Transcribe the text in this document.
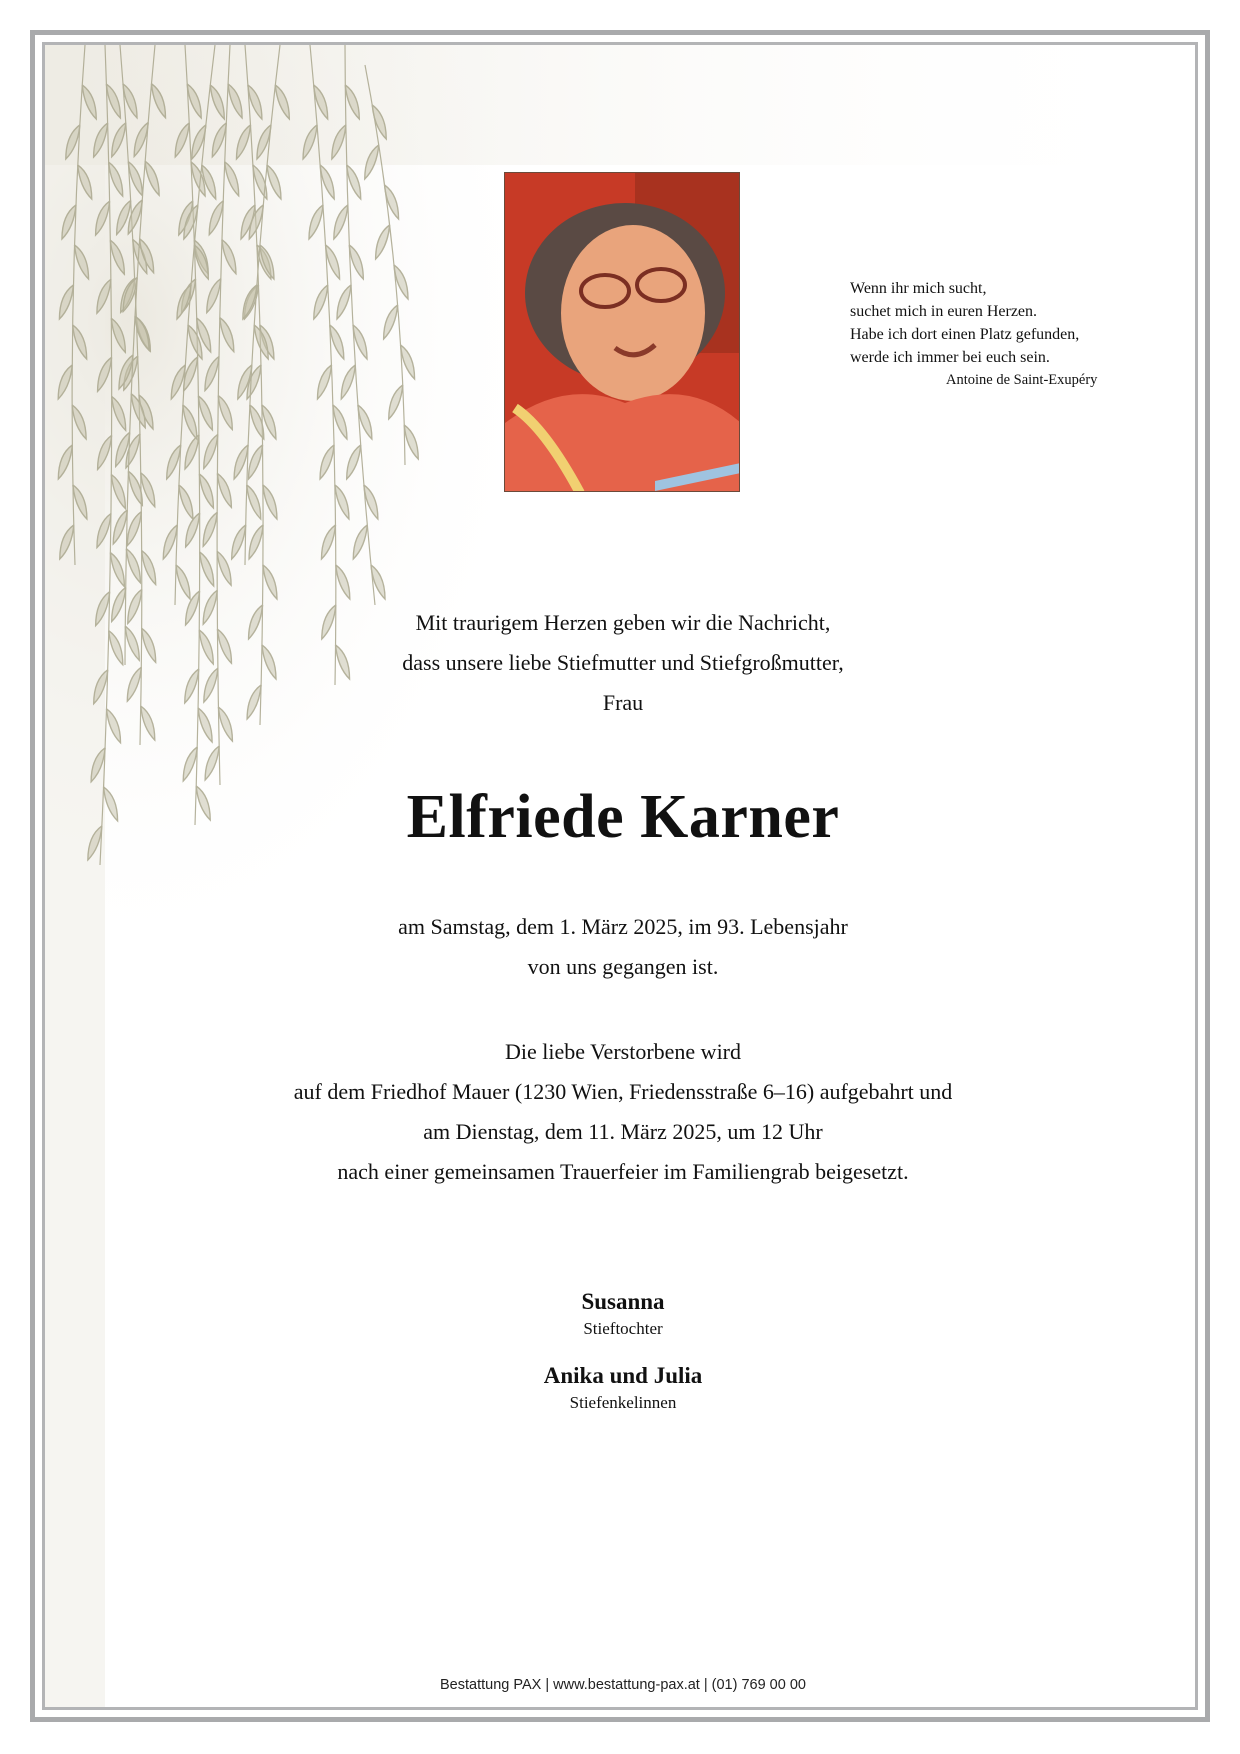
Wenn ihr mich sucht,
suchet mich in euren Herzen.
Habe ich dort einen Platz gefunden,
werde ich immer bei euch sein.
Antoine de Saint-Exupéry
Mit traurigem Herzen geben wir die Nachricht,
dass unsere liebe Stiefmutter und Stiefgroßmutter,
Frau
Elfriede Karner
am Samstag, dem 1. März 2025, im 93. Lebensjahr
von uns gegangen ist.
Die liebe Verstorbene wird
auf dem Friedhof Mauer (1230 Wien, Friedensstraße 6–16) aufgebahrt und
am Dienstag, dem 11. März 2025, um 12 Uhr
nach einer gemeinsamen Trauerfeier im Familiengrab beigesetzt.
Susanna
Stieftochter
Anika und Julia
Stiefenkelinnen
Bestattung PAX | www.bestattung-pax.at | (01) 769 00 00
